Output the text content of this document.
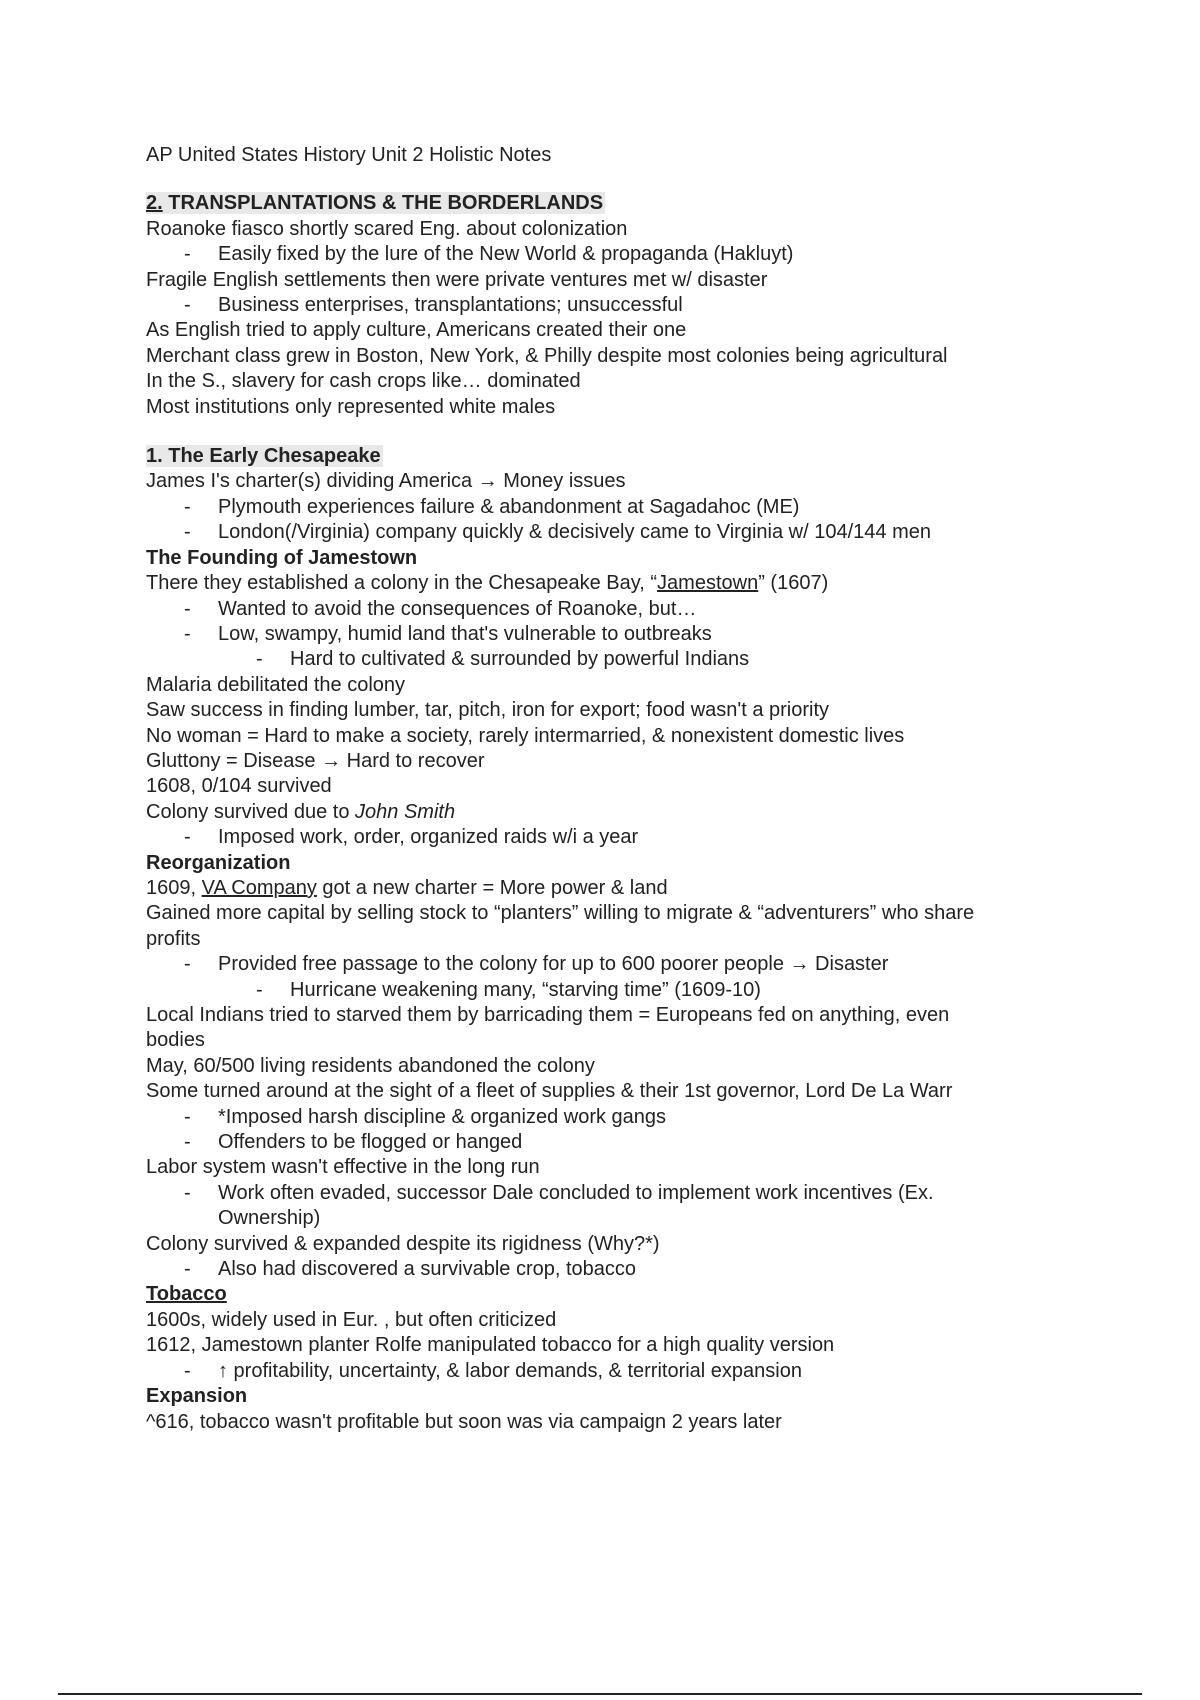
AP United States History Unit 2 Holistic Notes
2. TRANSPLANTATIONS & THE BORDERLANDS
Roanoke fiasco shortly scared Eng. about colonization
-	Easily fixed by the lure of the New World & propaganda (Hakluyt)
Fragile English settlements then were private ventures met w/ disaster
-	Business enterprises, transplantations; unsuccessful
As English tried to apply culture, Americans created their one
Merchant class grew in Boston, New York, & Philly despite most colonies being agricultural
In the S., slavery for cash crops like… dominated
Most institutions only represented white males
1. The Early Chesapeake
James I's charter(s) dividing America → Money issues
-	Plymouth experiences failure & abandonment at Sagadahoc (ME)
-	London(/Virginia) company quickly & decisively came to Virginia w/ 104/144 men
The Founding of Jamestown
There they established a colony in the Chesapeake Bay, “Jamestown” (1607)
-	Wanted to avoid the consequences of Roanoke, but…
-	Low, swampy, humid land that's vulnerable to outbreaks
-	Hard to cultivated & surrounded by powerful Indians
Malaria debilitated the colony
Saw success in finding lumber, tar, pitch, iron for export; food wasn't a priority
No woman = Hard to make a society, rarely intermarried, & nonexistent domestic lives
Gluttony = Disease → Hard to recover
1608, 0/104 survived
Colony survived due to John Smith
-	Imposed work, order, organized raids w/i a year
Reorganization
1609, VA Company got a new charter = More power & land
Gained more capital by selling stock to “planters” willing to migrate & “adventurers” who share
profits
-	Provided free passage to the colony for up to 600 poorer people → Disaster
-	Hurricane weakening many, “starving time” (1609-10)
Local Indians tried to starved them by barricading them = Europeans fed on anything, even
bodies
May, 60/500 living residents abandoned the colony
Some turned around at the sight of a fleet of supplies & their 1st governor, Lord De La Warr
-	*Imposed harsh discipline & organized work gangs
-	Offenders to be flogged or hanged
Labor system wasn't effective in the long run
-	Work often evaded, successor Dale concluded to implement work incentives (Ex.
Ownership)
Colony survived & expanded despite its rigidness (Why?*)
-	Also had discovered a survivable crop, tobacco
Tobacco
1600s, widely used in Eur. , but often criticized
1612, Jamestown planter Rolfe manipulated tobacco for a high quality version
-	↑ profitability, uncertainty, & labor demands, & territorial expansion
Expansion
^616, tobacco wasn't profitable but soon was via campaign 2 years later
